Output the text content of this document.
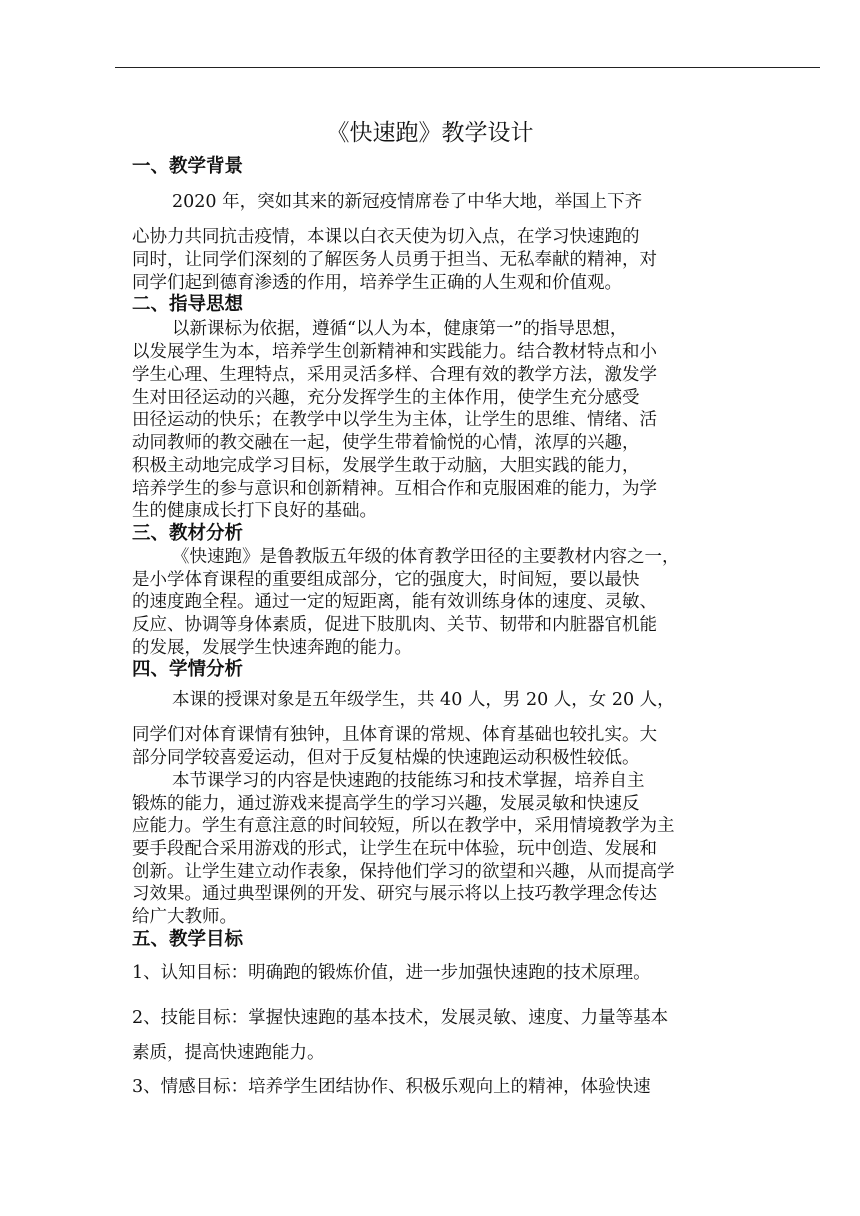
《快速跑》教学设计
一、教学背景
2020 年，突如其来的新冠疫情席卷了中华大地，举国上下齐
心协力共同抗击疫情，本课以白衣天使为切入点，在学习快速跑的
同时，让同学们深刻的了解医务人员勇于担当、无私奉献的精神，对
同学们起到德育渗透的作用，培养学生正确的人生观和价值观。
二、指导思想
以新课标为依据，遵循“以人为本，健康第一”的指导思想，
以发展学生为本，培养学生创新精神和实践能力。结合教材特点和小
学生心理、生理特点，采用灵活多样、合理有效的教学方法，激发学
生对田径运动的兴趣，充分发挥学生的主体作用，使学生充分感受
田径运动的快乐；在教学中以学生为主体，让学生的思维、情绪、活
动同教师的教交融在一起，使学生带着愉悦的心情，浓厚的兴趣，
积极主动地完成学习目标，发展学生敢于动脑，大胆实践的能力，
培养学生的参与意识和创新精神。互相合作和克服困难的能力，为学
生的健康成长打下良好的基础。
三、教材分析
《快速跑》是鲁教版五年级的体育教学田径的主要教材内容之一，
是小学体育课程的重要组成部分，它的强度大，时间短，要以最快
的速度跑全程。通过一定的短距离，能有效训练身体的速度、灵敏、
反应、协调等身体素质，促进下肢肌肉、关节、韧带和内脏器官机能
的发展，发展学生快速奔跑的能力。
四、学情分析
本课的授课对象是五年级学生，共 40 人，男 20 人，女 20 人，
同学们对体育课情有独钟，且体育课的常规、体育基础也较扎实。大
部分同学较喜爱运动，但对于反复枯燥的快速跑运动积极性较低。
本节课学习的内容是快速跑的技能练习和技术掌握，培养自主
锻炼的能力，通过游戏来提高学生的学习兴趣，发展灵敏和快速反
应能力。学生有意注意的时间较短，所以在教学中，采用情境教学为主
要手段配合采用游戏的形式，让学生在玩中体验，玩中创造、发展和
创新。让学生建立动作表象，保持他们学习的欲望和兴趣，从而提高学
习效果。通过典型课例的开发、研究与展示将以上技巧教学理念传达
给广大教师。
五、教学目标
1、认知目标：明确跑的锻炼价值，进一步加强快速跑的技术原理。
2、技能目标：掌握快速跑的基本技术，发展灵敏、速度、力量等基本
素质，提高快速跑能力。
3、情感目标：培养学生团结协作、积极乐观向上的精神，体验快速
